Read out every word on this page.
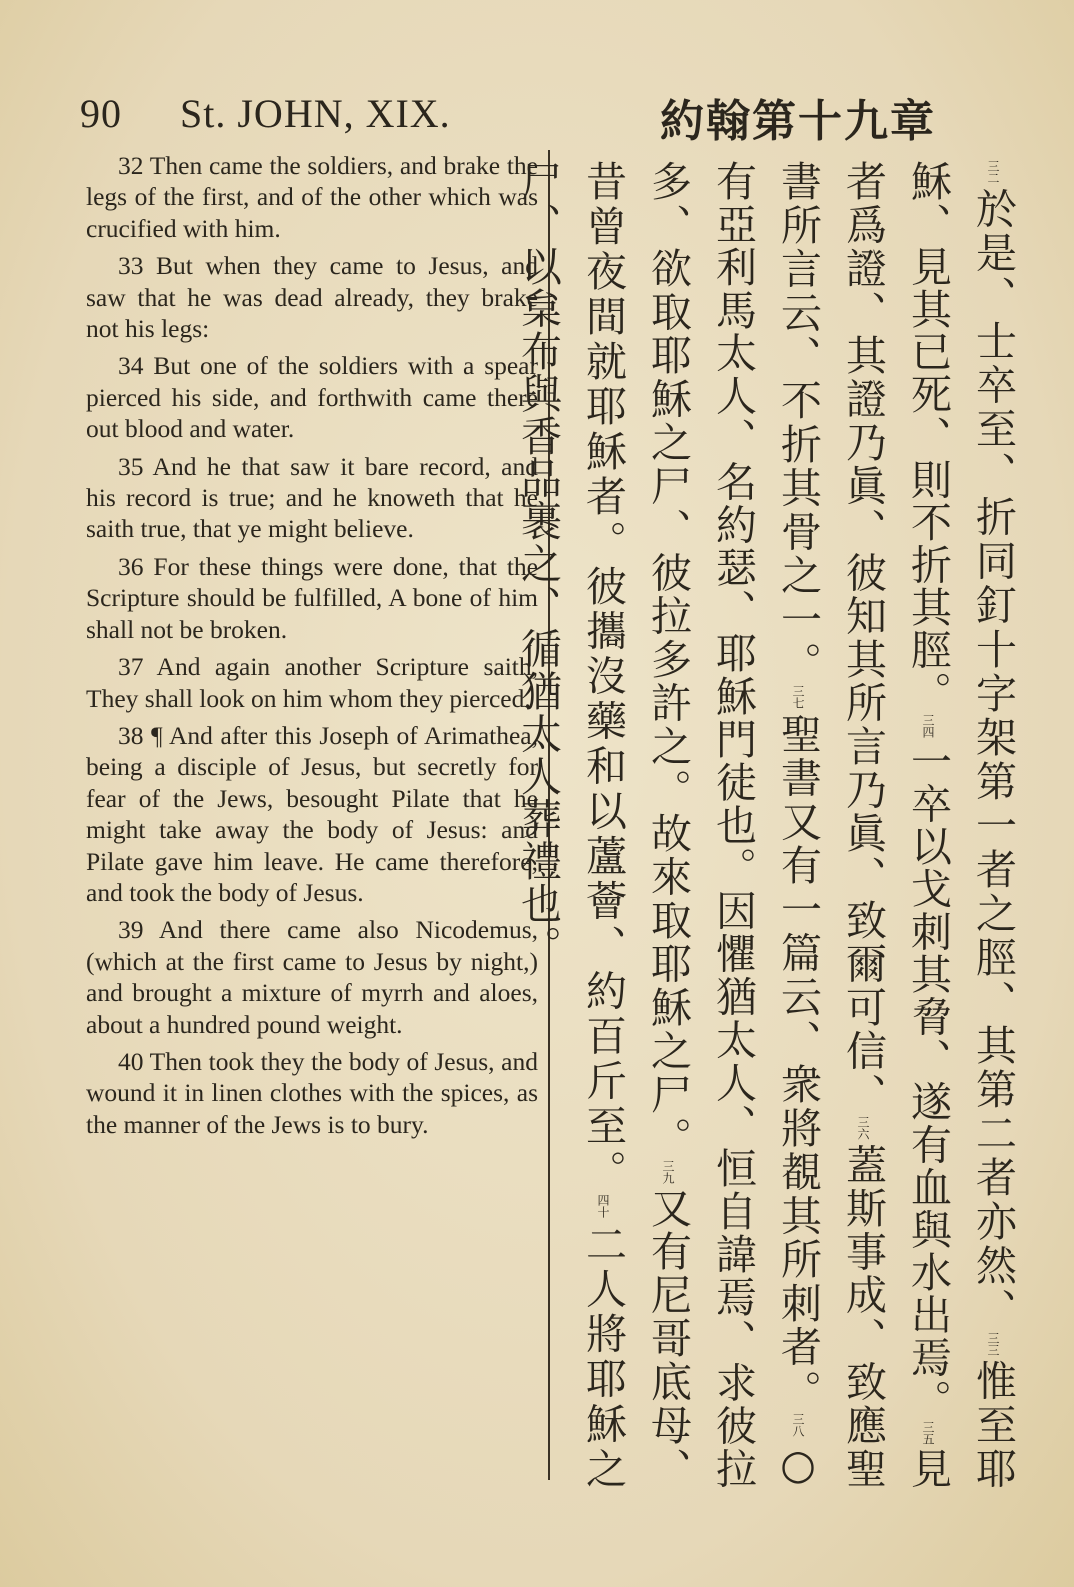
90 St. JOHN, XIX.	約翰第十九章

32 Then came the soldiers, and brake the legs of the first, and of the other which was crucified with him.

33 But when they came to Jesus, and saw that he was dead already, they brake not his legs:

34 But one of the soldiers with a spear pierced his side, and forthwith came there out blood and water.

35 And he that saw it bare record, and his record is true; and he knoweth that he saith true, that ye might believe.

36 For these things were done, that the Scripture should be fulfilled, A bone of him shall not be broken.

37 And again another Scripture saith, They shall look on him whom they pierced.

38 ¶ And after this Joseph of Arimathea, being a disciple of Jesus, but secretly for fear of the Jews, besought Pilate that he might take away the body of Jesus: and Pilate gave him leave. He came therefore, and took the body of Jesus.

39 And there came also Nicodemus, (which at the first came to Jesus by night,) and brought a mixture of myrrh and aloes, about a hundred pound weight.

40 Then took they the body of Jesus, and wound it in linen clothes with the spices, as the manner of the Jews is to bury.

三二於是、士卒至、折同釘十字架第一者之脛、其第二者亦然、三三惟至耶穌、見其已死、則不折其脛。三四一卒以戈刺其脅、遂有血與水出焉。三五見者爲證、其證乃眞、彼知其所言乃眞、致爾可信、三六蓋斯事成、致應聖書所言云、不折其骨之一。三七聖書又有一篇云、衆將覩其所刺者。三八○有亞利馬太人、名約瑟、耶穌門徒也。因懼猶太人、恒自諱焉、求彼拉多、欲取耶穌之尸、彼拉多許之。故來取耶穌之尸。三九又有尼哥底母、昔曾夜間就耶穌者。彼攜沒藥和以蘆薈、約百斤至。四十二人將耶穌之尸、以枲布與香品裹之、循猶太人葬禮也。
